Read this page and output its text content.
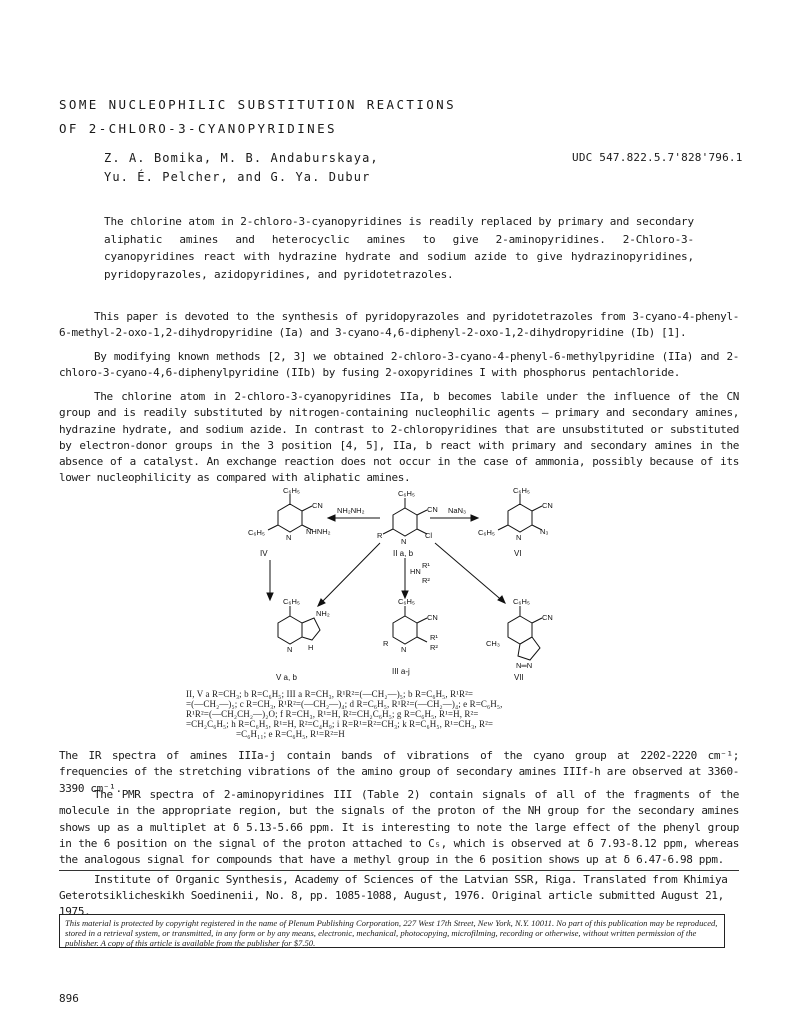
SOME NUCLEOPHILIC SUBSTITUTION REACTIONS
OF 2-CHLORO-3-CYANOPYRIDINES
Z. A. Bomika, M. B. Andaburskaya,
Yu. É. Pelcher, and G. Ya. Dubur
UDC 547.822.5.7'828'796.1
The chlorine atom in 2-chloro-3-cyanopyridines is readily replaced by primary and secondary aliphatic amines and heterocyclic amines to give 2-aminopyridines. 2-Chloro-3-cyanopyridines react with hydrazine hydrate and sodium azide to give hydrazinopyridines, pyridopyrazoles, azidopyridines, and pyridotetrazoles.
This paper is devoted to the synthesis of pyridopyrazoles and pyridotetrazoles from 3-cyano-4-phenyl-6-methyl-2-oxo-1,2-dihydropyridine (Ia) and 3-cyano-4,6-diphenyl-2-oxo-1,2-dihydropyridine (Ib) [1].
By modifying known methods [2, 3] we obtained 2-chloro-3-cyano-4-phenyl-6-methylpyridine (IIa) and 2-chloro-3-cyano-4,6-diphenylpyridine (IIb) by fusing 2-oxopyridines I with phosphorus pentachloride.
The chlorine atom in 2-chloro-3-cyanopyridines IIa, b becomes labile under the influence of the CN group and is readily substituted by nitrogen-containing nucleophilic agents — primary and secondary amines, hydrazine hydrate, and sodium azide. In contrast to 2-chloropyridines that are unsubstituted or substituted by electron-donor groups in the 3 position [4, 5], IIa, b react with primary and secondary amines in the absence of a catalyst. An exchange reaction does not occur in the case of ammonia, possibly because of its lower nucleophilicity as compared with aliphatic amines.
C₆H₅
CN
C₆H₅
N
NHNH₂
NH₂NH₂
C₆H₅
CN
R
N
Cl
NaN₃
C₆H₅
CN
C₆H₅
N
N₃
HN
R¹
R²
C₆H₅
NH₂
N H
C₆H₅
CN
R
N
R¹
R²
C₆H₅
CN
CH₃
N═N
IV	II a, b	VI
V a, b
III a-j
VII
II, V a R=CH₃; b R=C₆H₅; III a R=CH₃, R¹R²=(—CH₂—)₅; b R=C₆H₅, R¹R²=
=(—CH₂—)₅; c R=CH₃, R¹R²=(—CH₂—)₄; d R=C₆H₅, R¹R²=(—CH₂—)₄; e R=C₆H₅,
R¹R²=(—CH₂CH₂—)₂O; f R=CH₃, R¹=H, R²=CH₂C₆H₅; g R=C₆H₅, R¹=H, R²=
=CH₂C₆H₅; h R=C₆H₅, R¹=H, R²=C₄H₉; i R=R¹=R²=CH₃; k R=C₆H₅, R¹=CH₃, R²=
=C₆H₁₁; e R=C₆H₅, R¹=R²=H
The IR spectra of amines IIIa-j contain bands of vibrations of the cyano group at 2202-2220 cm⁻¹; frequencies of the stretching vibrations of the amino group of secondary amines IIIf-h are observed at 3360-3390 cm⁻¹.
The PMR spectra of 2-aminopyridines III (Table 2) contain signals of all of the fragments of the molecule in the appropriate region, but the signals of the proton of the NH group for the secondary amines shows up as a multiplet at δ 5.13-5.66 ppm. It is interesting to note the large effect of the phenyl group in the 6 position on the signal of the proton attached to C₅, which is observed at δ 7.93-8.12 ppm, whereas the analogous signal for compounds that have a methyl group in the 6 position shows up at δ 6.47-6.98 ppm.
Institute of Organic Synthesis, Academy of Sciences of the Latvian SSR, Riga. Translated from Khimiya Geterotsiklicheskikh Soedinenii, No. 8, pp. 1085-1088, August, 1976. Original article submitted August 21, 1975.
This material is protected by copyright registered in the name of Plenum Publishing Corporation, 227 West 17th Street, New York, N.Y. 10011. No part of this publication may be reproduced, stored in a retrieval system, or transmitted, in any form or by any means, electronic, mechanical, photocopying, microfilming, recording or otherwise, without written permission of the publisher. A copy of this article is available from the publisher for $7.50.
896
